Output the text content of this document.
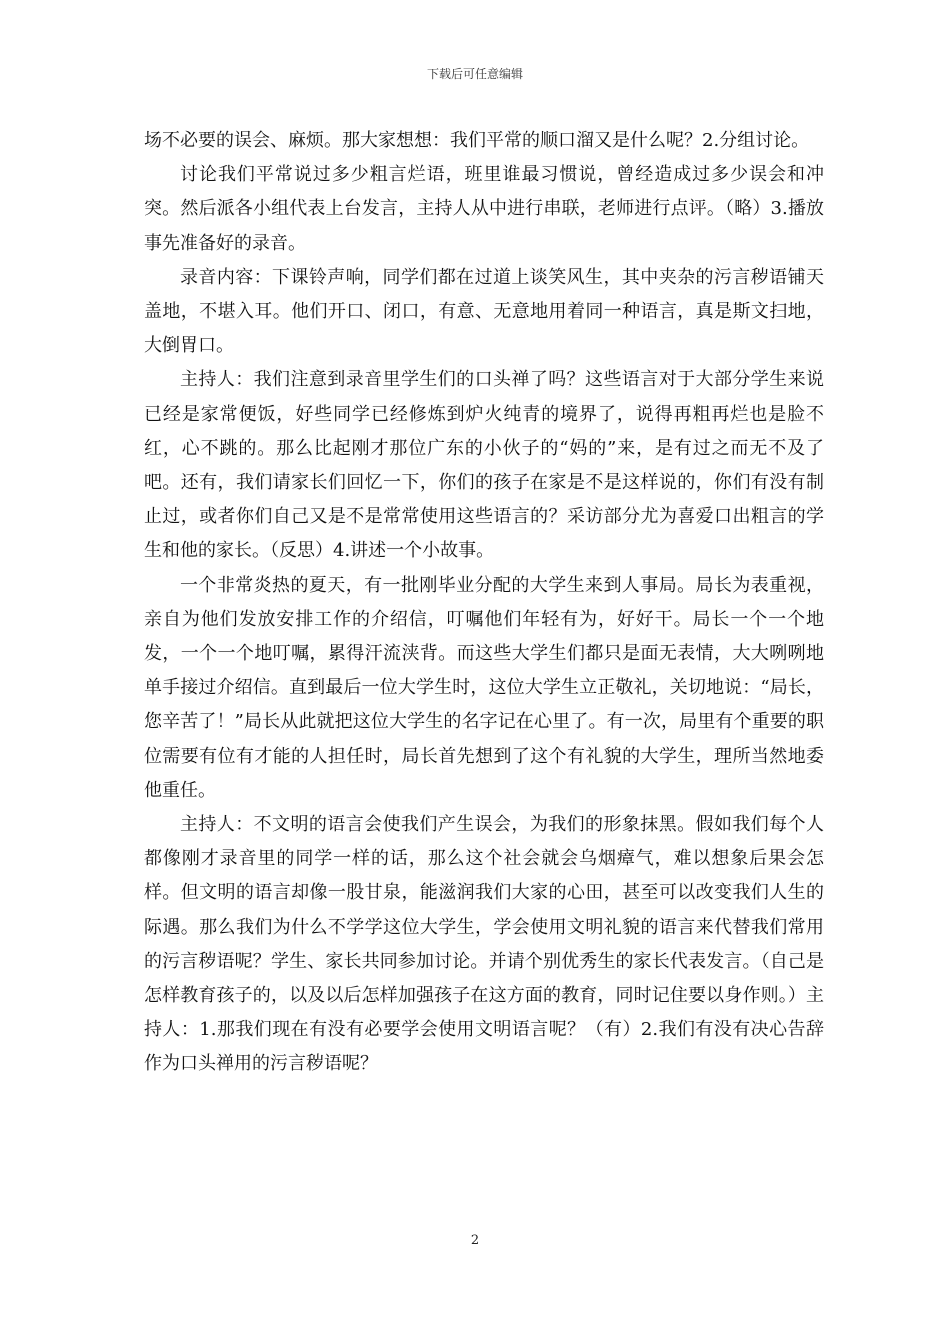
下载后可任意编辑

场不必要的误会、麻烦。那大家想想：我们平常的顺口溜又是什么呢？2.分组讨论。

讨论我们平常说过多少粗言烂语，班里谁最习惯说，曾经造成过多少误会和冲突。然后派各小组代表上台发言，主持人从中进行串联，老师进行点评。（略）3.播放事先准备好的录音。

录音内容：下课铃声响，同学们都在过道上谈笑风生，其中夹杂的污言秽语铺天盖地，不堪入耳。他们开口、闭口，有意、无意地用着同一种语言，真是斯文扫地，大倒胃口。

主持人：我们注意到录音里学生们的口头禅了吗？这些语言对于大部分学生来说已经是家常便饭，好些同学已经修炼到炉火纯青的境界了，说得再粗再烂也是脸不红，心不跳的。那么比起刚才那位广东的小伙子的“妈的”来，是有过之而无不及了吧。还有，我们请家长们回忆一下，你们的孩子在家是不是这样说的，你们有没有制止过，或者你们自己又是不是常常使用这些语言的？采访部分尤为喜爱口出粗言的学生和他的家长。（反思）4.讲述一个小故事。

一个非常炎热的夏天，有一批刚毕业分配的大学生来到人事局。局长为表重视，亲自为他们发放安排工作的介绍信，叮嘱他们年轻有为，好好干。局长一个一个地发，一个一个地叮嘱，累得汗流浃背。而这些大学生们都只是面无表情，大大咧咧地单手接过介绍信。直到最后一位大学生时，这位大学生立正敬礼，关切地说：“局长，您辛苦了！”局长从此就把这位大学生的名字记在心里了。有一次，局里有个重要的职位需要有位有才能的人担任时，局长首先想到了这个有礼貌的大学生，理所当然地委他重任。

主持人：不文明的语言会使我们产生误会，为我们的形象抹黑。假如我们每个人都像刚才录音里的同学一样的话，那么这个社会就会乌烟瘴气，难以想象后果会怎样。但文明的语言却像一股甘泉，能滋润我们大家的心田，甚至可以改变我们人生的际遇。那么我们为什么不学学这位大学生，学会使用文明礼貌的语言来代替我们常用的污言秽语呢？学生、家长共同参加讨论。并请个别优秀生的家长代表发言。（自己是怎样教育孩子的，以及以后怎样加强孩子在这方面的教育，同时记住要以身作则。）主持人：1.那我们现在有没有必要学会使用文明语言呢？（有）2.我们有没有决心告辞作为口头禅用的污言秽语呢？

2
